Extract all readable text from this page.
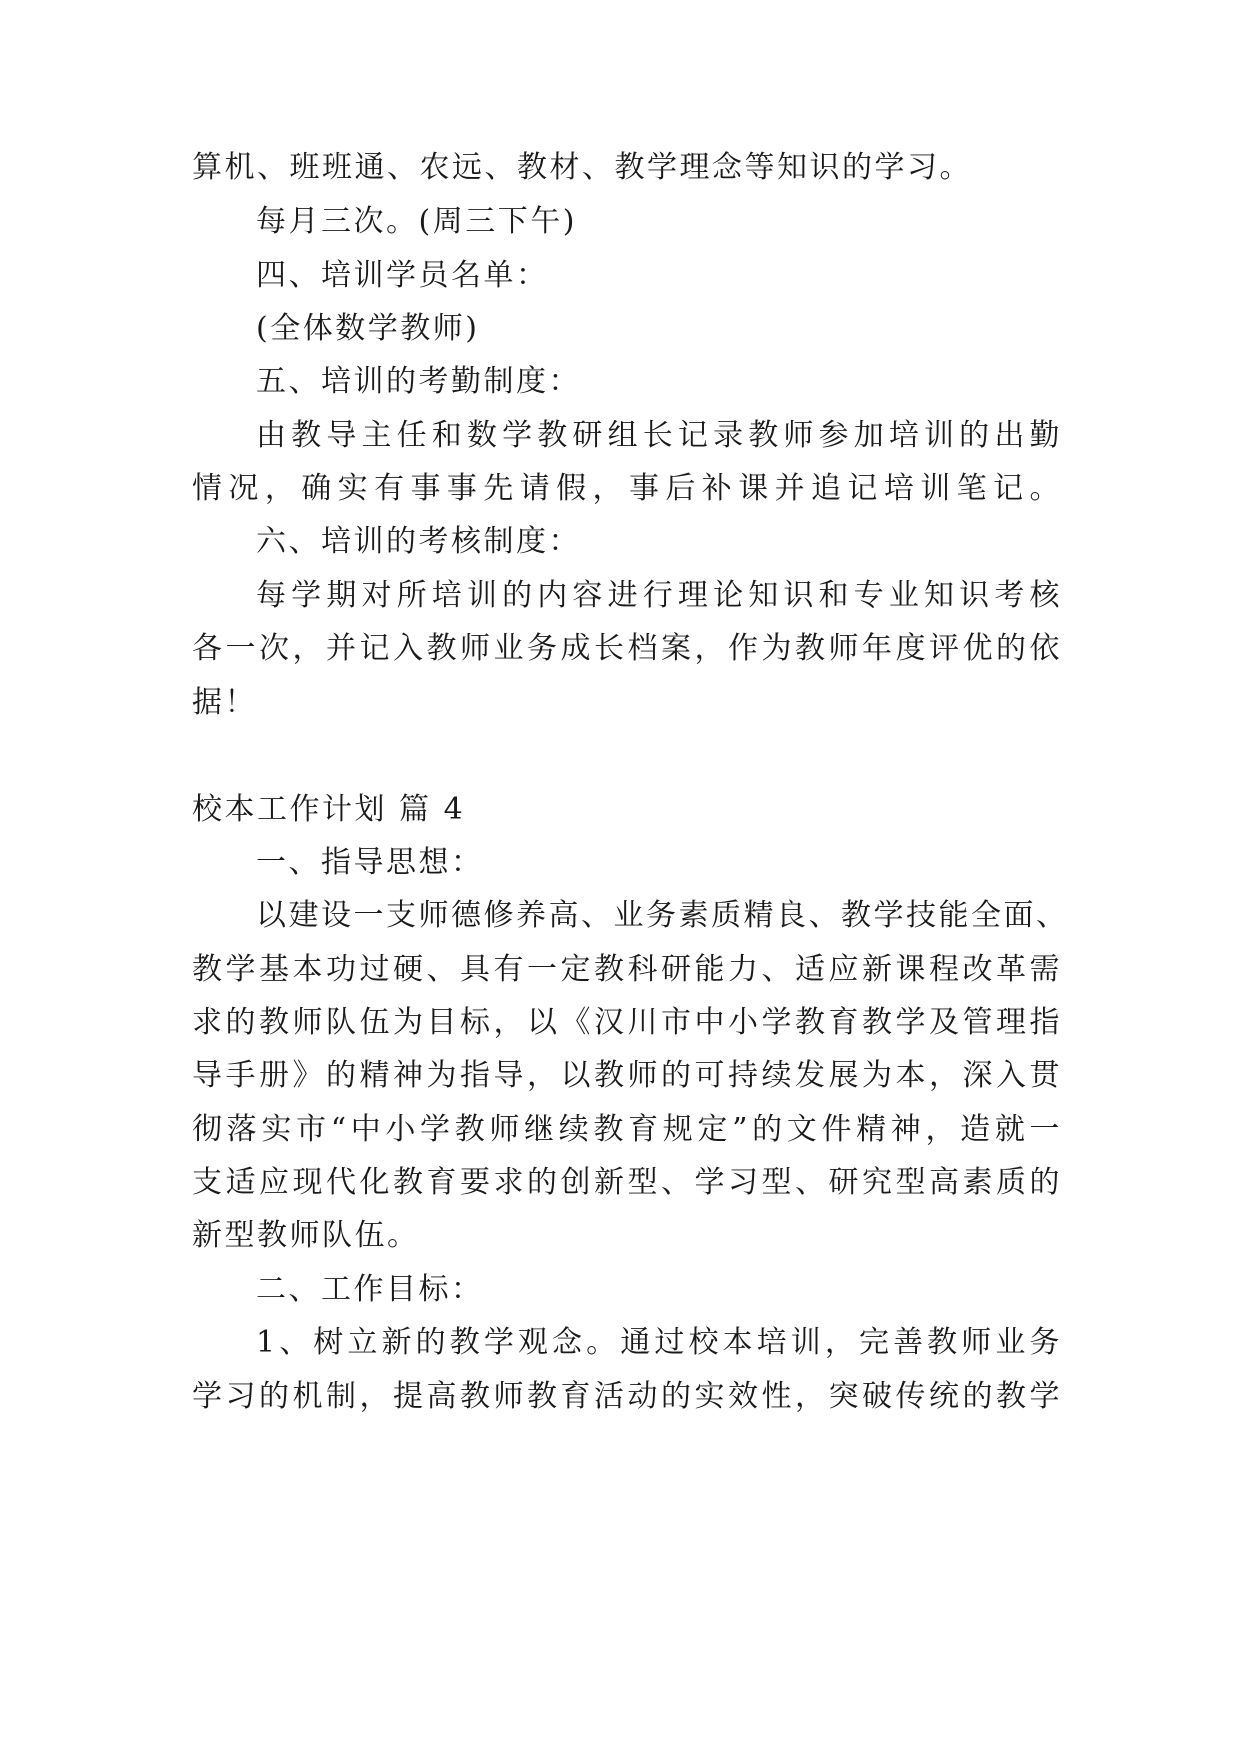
算机、班班通、农远、教材、教学理念等知识的学习。
每月三次。(周三下午)
四、培训学员名单：
(全体数学教师)
五、培训的考勤制度：
由教导主任和数学教研组长记录教师参加培训的出勤
情况，确实有事事先请假，事后补课并追记培训笔记。
六、培训的考核制度：
每学期对所培训的内容进行理论知识和专业知识考核
各一次，并记入教师业务成长档案，作为教师年度评优的依
据！
校本工作计划 篇 4
一、指导思想：
以建设一支师德修养高、业务素质精良、教学技能全面、
教学基本功过硬、具有一定教科研能力、适应新课程改革需
求的教师队伍为目标，以《汉川市中小学教育教学及管理指
导手册》的精神为指导，以教师的可持续发展为本，深入贯
彻落实市“中小学教师继续教育规定”的文件精神，造就一
支适应现代化教育要求的创新型、学习型、研究型高素质的
新型教师队伍。
二、工作目标：
1、树立新的教学观念。通过校本培训，完善教师业务
学习的机制，提高教师教育活动的实效性，突破传统的教学
